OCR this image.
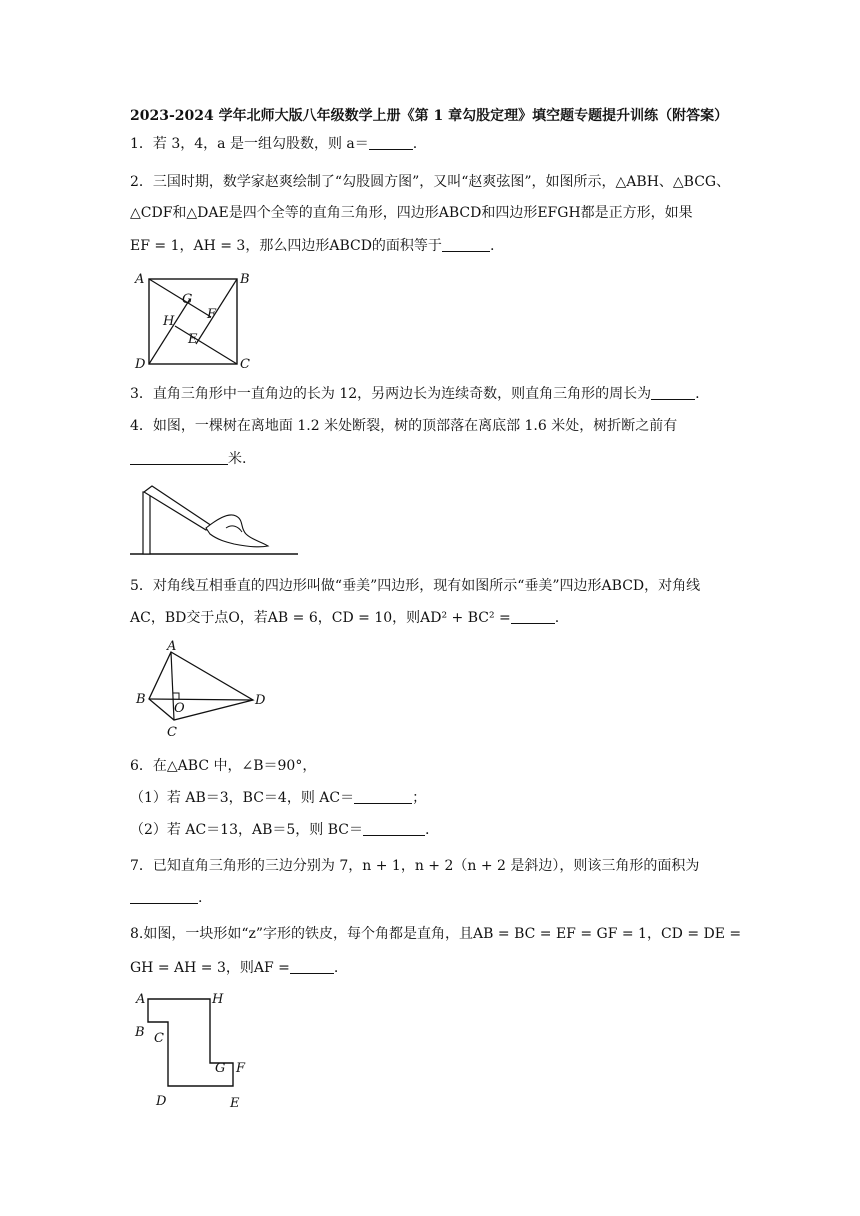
2023-2024 学年北师大版八年级数学上册《第 1 章勾股定理》填空题专题提升训练（附答案）
1．若 3，4，a 是一组勾股数，则 a＝	.
2．三国时期，数学家赵爽绘制了“勾股圆方图”，又叫“赵爽弦图”，如图所示，△ABH、△BCG、
△CDF和△DAE是四个全等的直角三角形，四边形ABCD和四边形EFGH都是正方形，如果
EF = 1，AH = 3，那么四边形ABCD的面积等于	.
A	B
C
D
E
F
G
H
3．直角三角形中一直角边的长为 12，另两边长为连续奇数，则直角三角形的周长为	.
4．如图，一棵树在离地面 1.2 米处断裂，树的顶部落在离底部 1.6 米处，树折断之前有
米.
5．对角线互相垂直的四边形叫做“垂美”四边形，现有如图所示“垂美”四边形ABCD，对角线
AC，BD交于点O，若AB = 6，CD = 10，则AD² + BC² =	.
A
B
C
D
O
6．在△ABC 中，∠B＝90°，
（1）若 AB＝3，BC＝4，则 AC＝	；
（2）若 AC＝13，AB＝5，则 BC＝	.
7．已知直角三角形的三边分别为 7，n + 1，n + 2（n + 2 是斜边），则该三角形的面积为
.
8.如图，一块形如“z”字形的铁皮，每个角都是直角，且AB = BC = EF = GF = 1，CD = DE =
GH = AH = 3，则AF =	.
A	H
B C
G F
D	E
